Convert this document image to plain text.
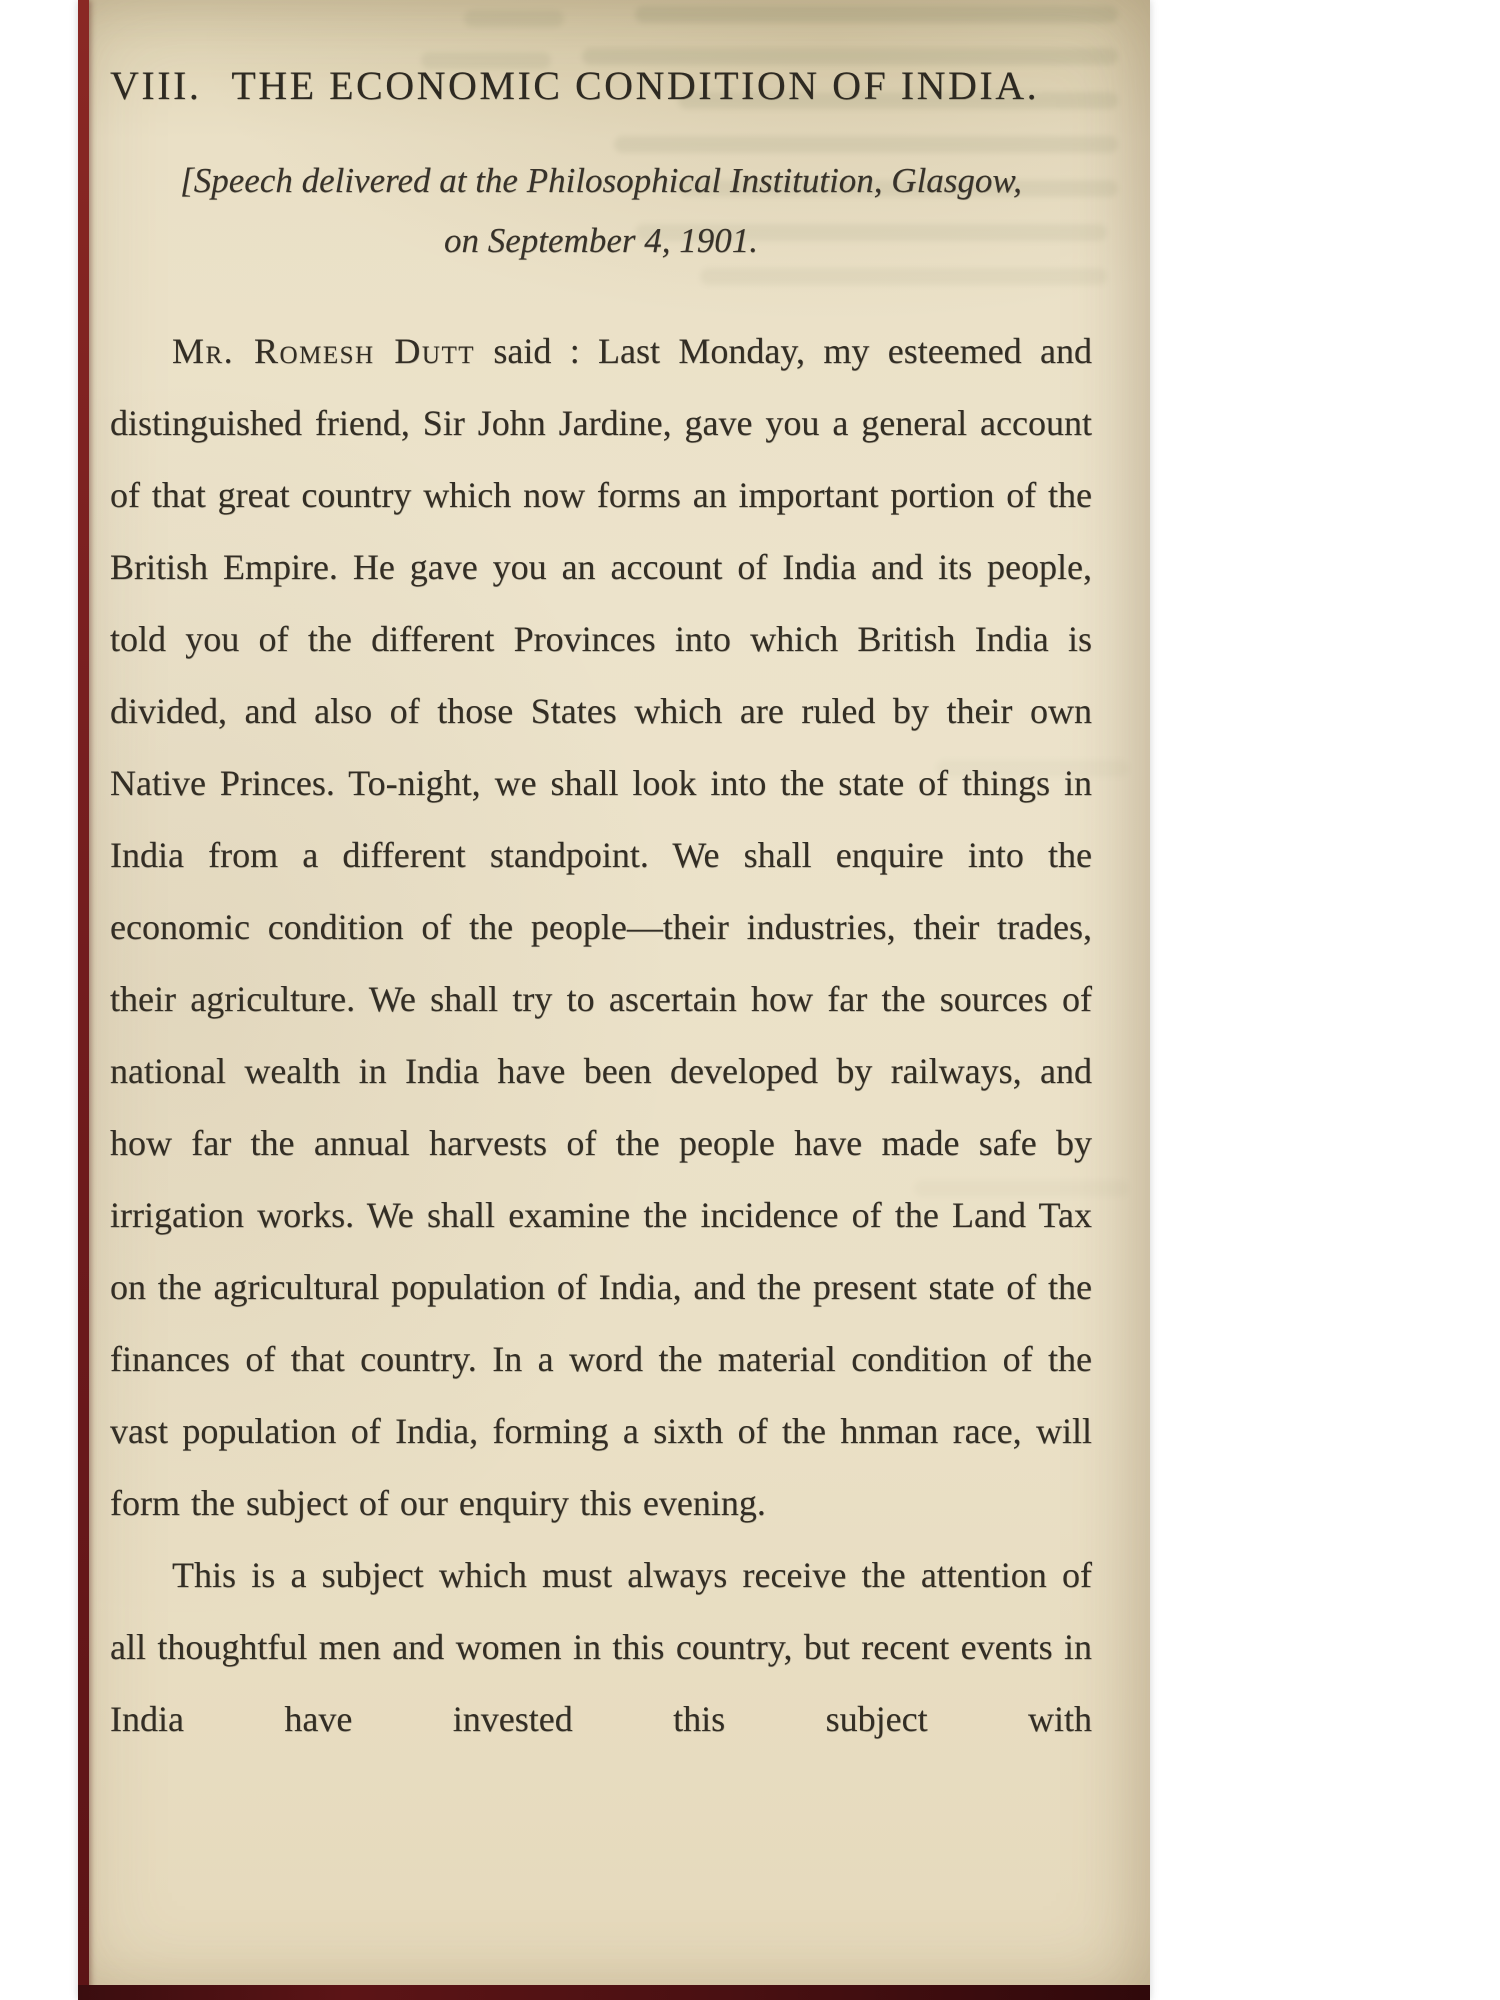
VIII. THE ECONOMIC CONDITION OF INDIA.
[Speech delivered at the Philosophical Institution, Glasgow,
on September 4, 1901.

Mr. Romesh Dutt said : Last Monday, my esteemed and distinguished friend, Sir John Jardine, gave you a general account of that great country which now forms an important portion of the British Empire. He gave you an account of India and its people, told you of the different Provinces into which British India is divided, and also of those States which are ruled by their own Native Princes. To-night, we shall look into the state of things in India from a different standpoint. We shall enquire into the economic condition of the people—their industries, their trades, their agriculture. We shall try to ascertain how far the sources of national wealth in India have been developed by railways, and how far the annual harvests of the people have made safe by irrigation works. We shall examine the incidence of the Land Tax on the agricultural population of India, and the present state of the finances of that country. In a word the material condition of the vast population of India, forming a sixth of the hnman race, will form the subject of our enquiry this evening.

This is a subject which must always receive the attention of all thoughtful men and women in this country, but recent events in India have invested this subject with
